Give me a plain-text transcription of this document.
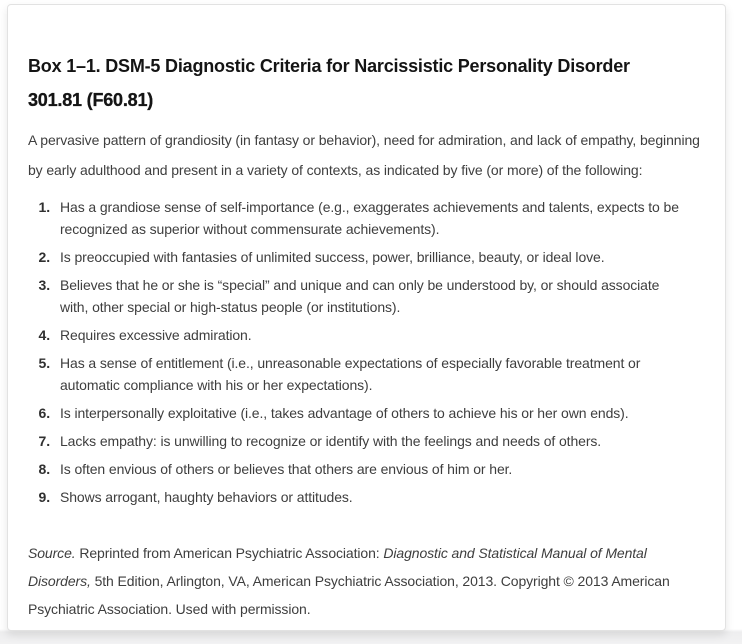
Box 1–1. DSM-5 Diagnostic Criteria for Narcissistic Personality Disorder 301.81 (F60.81)

A pervasive pattern of grandiosity (in fantasy or behavior), need for admiration, and lack of empathy, beginning by early adulthood and present in a variety of contexts, as indicated by five (or more) of the following:

1. Has a grandiose sense of self-importance (e.g., exaggerates achievements and talents, expects to be recognized as superior without commensurate achievements).
2. Is preoccupied with fantasies of unlimited success, power, brilliance, beauty, or ideal love.
3. Believes that he or she is “special” and unique and can only be understood by, or should associate with, other special or high-status people (or institutions).
4. Requires excessive admiration.
5. Has a sense of entitlement (i.e., unreasonable expectations of especially favorable treatment or automatic compliance with his or her expectations).
6. Is interpersonally exploitative (i.e., takes advantage of others to achieve his or her own ends).
7. Lacks empathy: is unwilling to recognize or identify with the feelings and needs of others.
8. Is often envious of others or believes that others are envious of him or her.
9. Shows arrogant, haughty behaviors or attitudes.

Source. Reprinted from American Psychiatric Association: Diagnostic and Statistical Manual of Mental Disorders, 5th Edition, Arlington, VA, American Psychiatric Association, 2013. Copyright © 2013 American Psychiatric Association. Used with permission.
